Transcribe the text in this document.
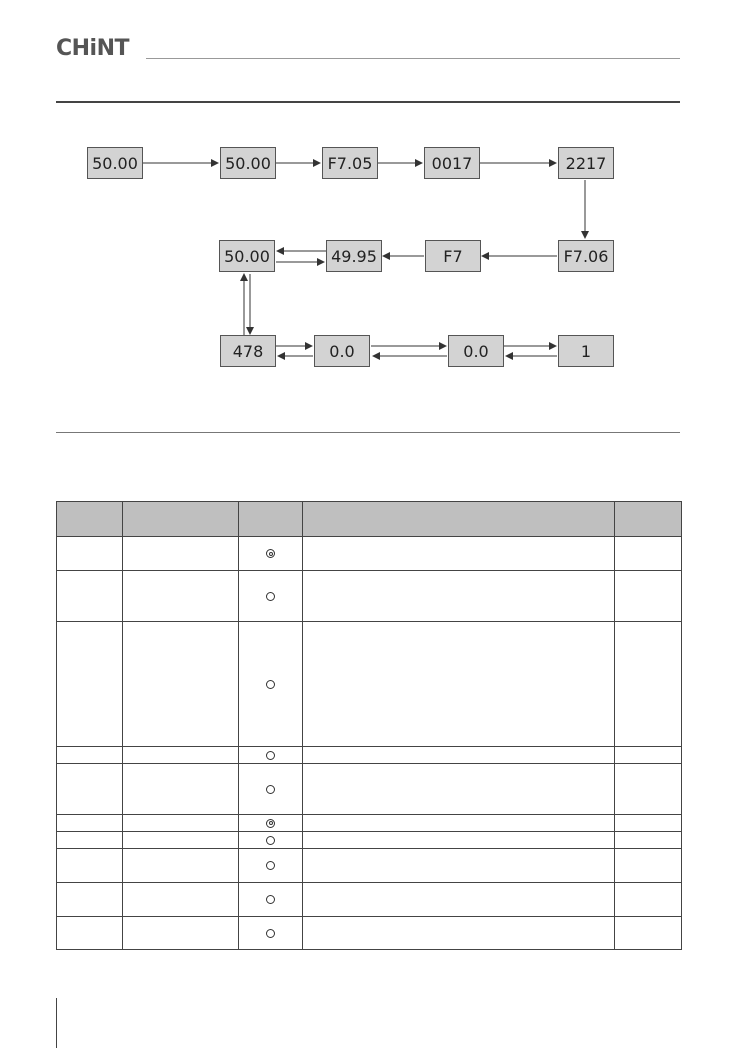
CHiNT
50.00	50.00	F7.05	0017	2217
50.00	49.95	F7	F7.06
478	0.0	0.0	1
